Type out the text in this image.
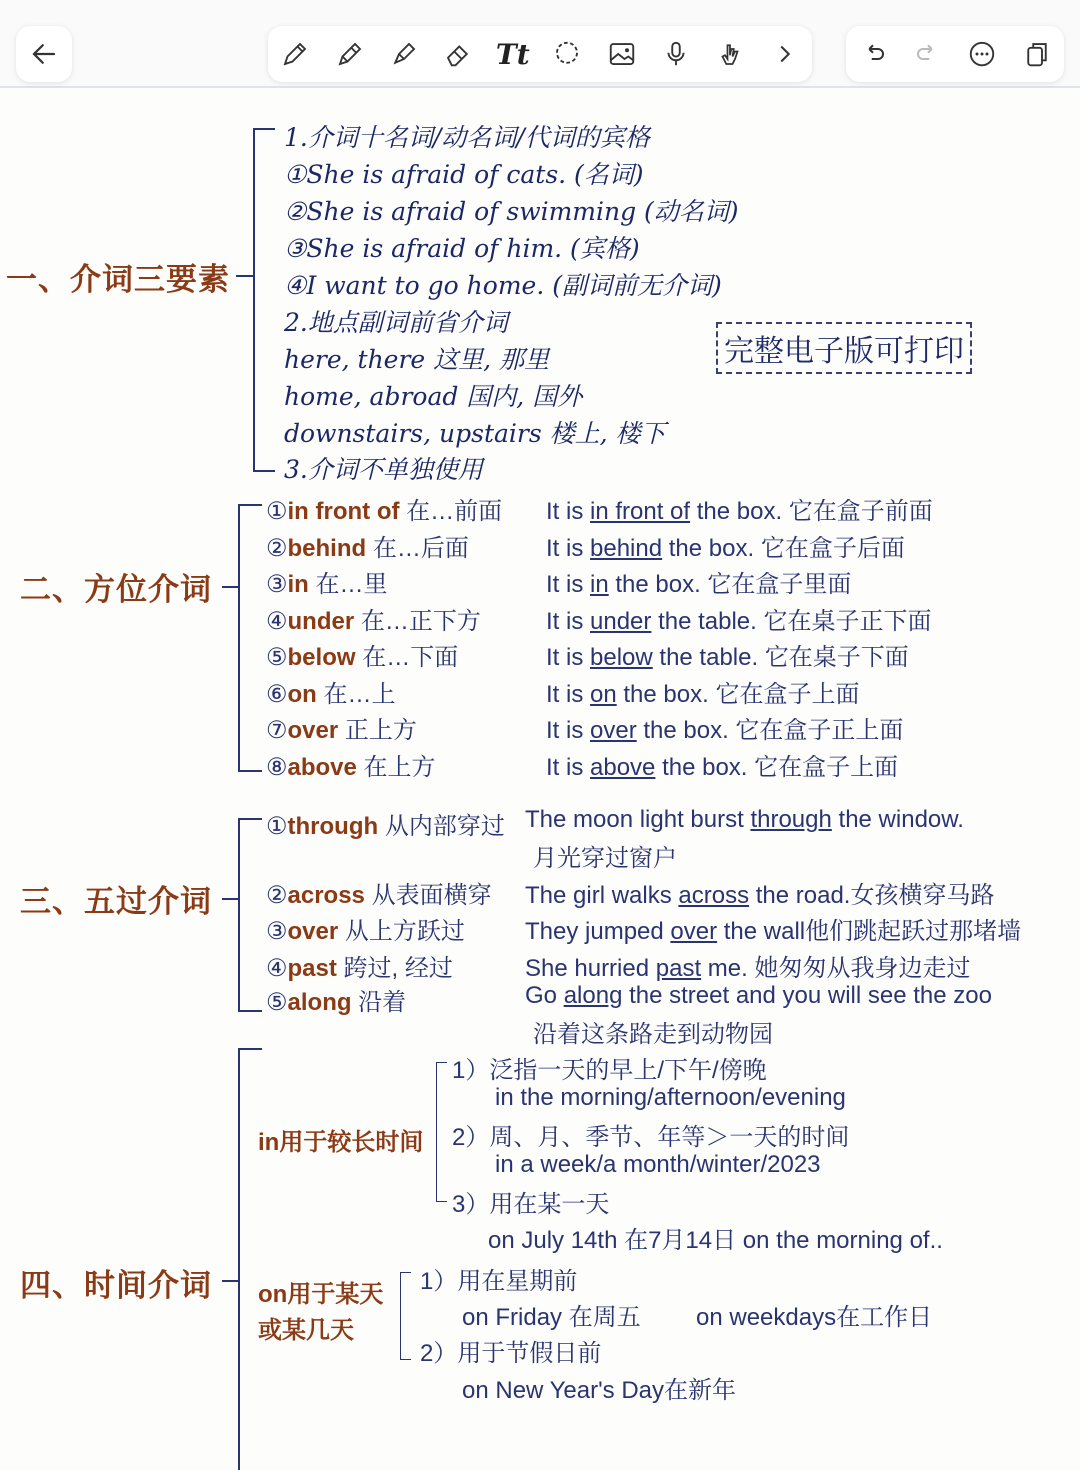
Tt
一、介词三要素
1.介词十名词/动名词/代词的宾格
①She is afraid of cats. (名词)
②She is afraid of swimming (动名词)
③She is afraid of him. (宾格)
④I want to go home. (副词前无介词)
2.地点副词前省介词
here, there 这里, 那里
home, abroad 国内, 国外
downstairs, upstairs 楼上, 楼下
3.介词不单独使用
完整电子版可打印
二、方位介词
①in front of 在…前面 It is in front of the box. 它在盒子前面
②behind 在…后面	It is behind the box. 它在盒子后面
③in 在…里	It is in the box. 它在盒子里面
④under 在…正下方	It is under the table. 它在桌子正下面
⑤below 在…下面	It is below the table. 它在桌子下面
⑥on 在…上	It is on the box. 它在盒子上面
⑦over 正上方	It is over the box. 它在盒子正上面
⑧above 在上方	It is above the box. 它在盒子上面
三、五过介词
①through 从内部穿过 The moon light burst through the window.
月光穿过窗户
②across 从表面横穿 The girl walks across the road.女孩横穿马路
③over 从上方跃过	They jumped over the wall他们跳起跃过那堵墙
④past 跨过, 经过	She hurried past me. 她匆匆从我身边走过
⑤along 沿着	Go along the street and you will see the zoo
沿着这条路走到动物园
四、时间介词
in用于较长时间
1）泛指一天的早上/下午/傍晚
in the morning/afternoon/evening
2）周、月、季节、年等＞一天的时间
in a week/a month/winter/2023
3）用在某一天
on July 14th 在7月14日 on the morning of..
on用于某天
或某几天
1）用在星期前
on Friday 在周五 on weekdays在工作日
2）用于节假日前
on New Year's Day在新年
